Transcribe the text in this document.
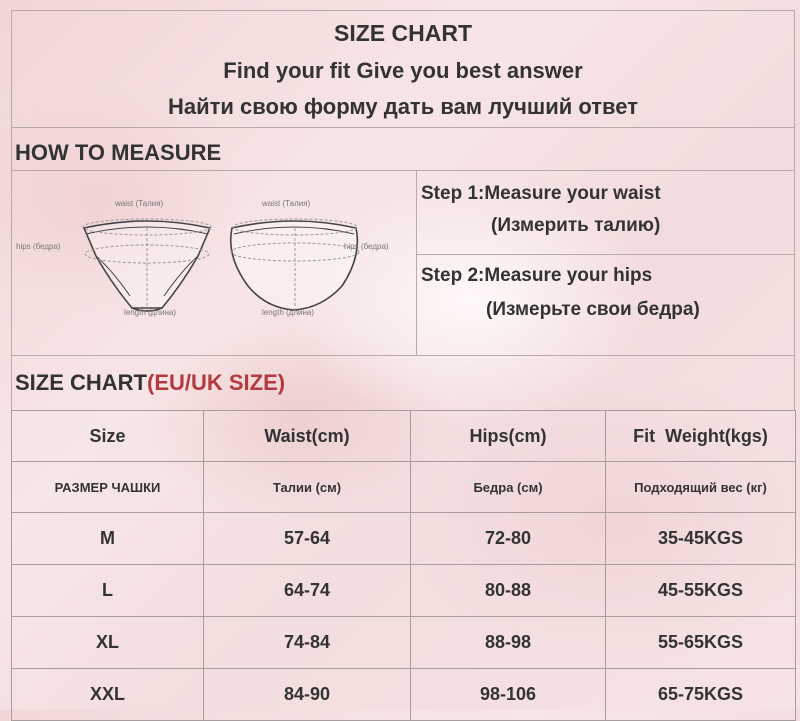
SIZE CHART
Find your fit Give you best answer
Найти свою форму дать вам лучший ответ
HOW TO MEASURE
waist (Талия)	waist (Талия)
hips (бедра)	hips (бедра)
length (длина)	length (длина)
Step 1:Measure your waist
(Измерить талию)
Step 2:Measure your hips
(Измерьте свои бедра)
SIZE CHART(EU/UK SIZE)
Size	Waist(cm)	Hips(cm)	Fit  Weight(kgs)
РАЗМЕР ЧАШКИ	Талии (см)	Бедра (см)	Подходящий вес (кг)
M	57-64	72-80	35-45KGS
L	64-74	80-88	45-55KGS
XL	74-84	88-98	55-65KGS
XXL	84-90	98-106	65-75KGS
